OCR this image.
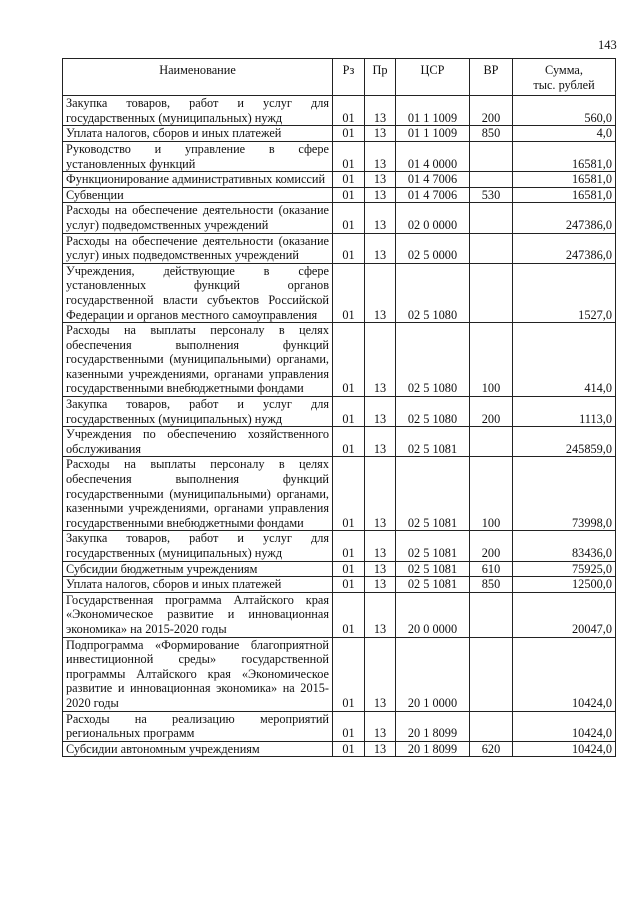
143
Наименование	Рз	Пр	ЦСР	ВР	Сумма,
тыс. рублей

Закупка товаров, работ и услуг для государственных (муниципальных) нужд	01	13	01 1 1009	200	560,0
Уплата налогов, сборов и иных платежей	01	13	01 1 1009	850	4,0
Руководство и управление в сфере установленных функций	01	13	01 4 0000		16581,0
Функционирование административных комиссий	01	13	01 4 7006		16581,0
Субвенции	01	13	01 4 7006	530	16581,0
Расходы на обеспечение деятельности (оказание услуг) подведомственных учреждений	01	13	02 0 0000		247386,0
Расходы на обеспечение деятельности (оказание услуг) иных подведомственных учреждений	01	13	02 5 0000		247386,0
Учреждения, действующие в сфере установленных функций органов государственной власти субъектов Российской Федерации и органов местного самоуправления	01	13	02 5 1080		1527,0
Расходы на выплаты персоналу в целях обеспечения выполнения функций государственными (муниципальными) органами, казенными учреждениями, органами управления государственными внебюджетными фондами	01	13	02 5 1080	100	414,0
Закупка товаров, работ и услуг для государственных (муниципальных) нужд	01	13	02 5 1080	200	1113,0
Учреждения по обеспечению хозяйственного обслуживания	01	13	02 5 1081		245859,0
Расходы на выплаты персоналу в целях обеспечения выполнения функций государственными (муниципальными) органами, казенными учреждениями, органами управления государственными внебюджетными фондами	01	13	02 5 1081	100	73998,0
Закупка товаров, работ и услуг для государственных (муниципальных) нужд	01	13	02 5 1081	200	83436,0
Субсидии бюджетным учреждениям	01	13	02 5 1081	610	75925,0
Уплата налогов, сборов и иных платежей	01	13	02 5 1081	850	12500,0
Государственная программа Алтайского края «Экономическое развитие и инновационная экономика» на 2015-2020 годы	01	13	20 0 0000		20047,0
Подпрограмма «Формирование благоприятной инвестиционной среды» государственной программы Алтайского края «Экономическое развитие и инновационная экономика» на 2015-2020 годы	01	13	20 1 0000		10424,0
Расходы на реализацию мероприятий региональных программ	01	13	20 1 8099		10424,0
Субсидии автономным учреждениям	01	13	20 1 8099	620	10424,0
